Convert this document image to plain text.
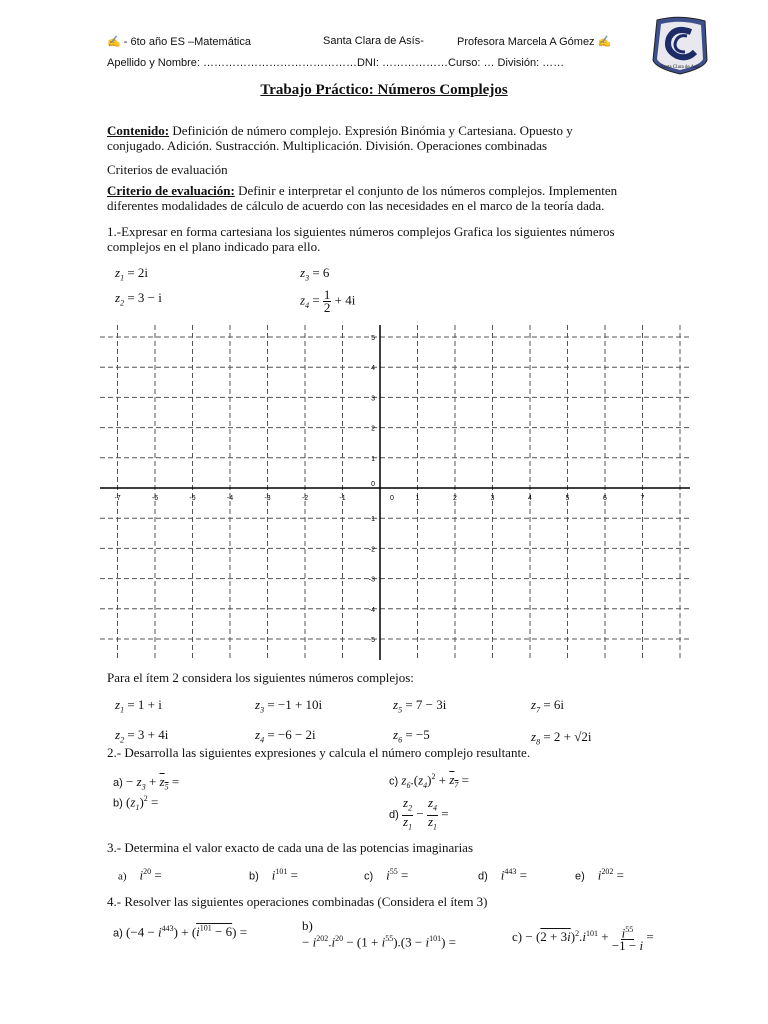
✍ - 6to año ES –Matemática	Santa Clara de Asís-	Profesora Marcela A Gómez ✍
Apellido y Nombre: ……………………………………DNI: ………………Curso: … División: ……	Santa Clara de Asís
Trabajo Práctico: Números Complejos
Contenido: Definición de número complejo. Expresión Binómia y Cartesiana. Opuesto y conjugado. Adición. Sustracción. Multiplicación. División. Operaciones combinadas
Criterios de evaluación
Criterio de evaluación: Definir e interpretar el conjunto de los números complejos. Implementen diferentes modalidades de cálculo de acuerdo con las necesidades en el marco de la teoría dada.
1.-Expresar en forma cartesiana los siguientes números complejos Grafica los siguientes números complejos en el plano indicado para ello.
$z_1 = 2i$
$z_2 = 3 - i$
$z_3 = 6$
$z_4 = \frac{1}{2} + 4i$
-7	-6	-5	-4	-3	-2	-1	0	1	2	3	4	5	6	7
5
4
3
2
1
0
-1
-2
-3
-4
-5
Para el ítem 2 considera los siguientes números complejos:
$z_1 = 1 + i$
$z_2 = 3 + 4i$
$z_3 = -1 + 10i$
$z_4 = -6 - 2i$
$z_5 = 7 - 3i$
$z_6 = -5$
$z_7 = 6i$
$z_8 = 2 + √2i$
2.- Desarrolla las siguientes expresiones y calcula el número complejo resultante.
$a) - z_3 + z_5$ =
b) $(z_1)^2$ =
c) $z_6.(z_4)^2 + z_7$ =
$d) \frac{z_2}{z_1} - \frac{z_4}{z_1}$ =
3.- Determina el valor exacto de cada una de las potencias imaginarias
a)    $i^{20}$ =	b)    $i^{101}$ =	c)    $i^{55}$ =	d)    $i^{443}$ =	e)    $i^{202}$ =
4.- Resolver las siguientes operaciones combinadas (Considera el ítem 3)
a) $(-4 - i^{443}) + (i^{101} - 6)$ =	b)
− $i^{202}.i^{20} - (1 + i^{55}).(3 - i^{101})$ =	$c) - (2 + 3i)^2.i^{101} + \frac{i^{55}}{-1 - i}$ =
